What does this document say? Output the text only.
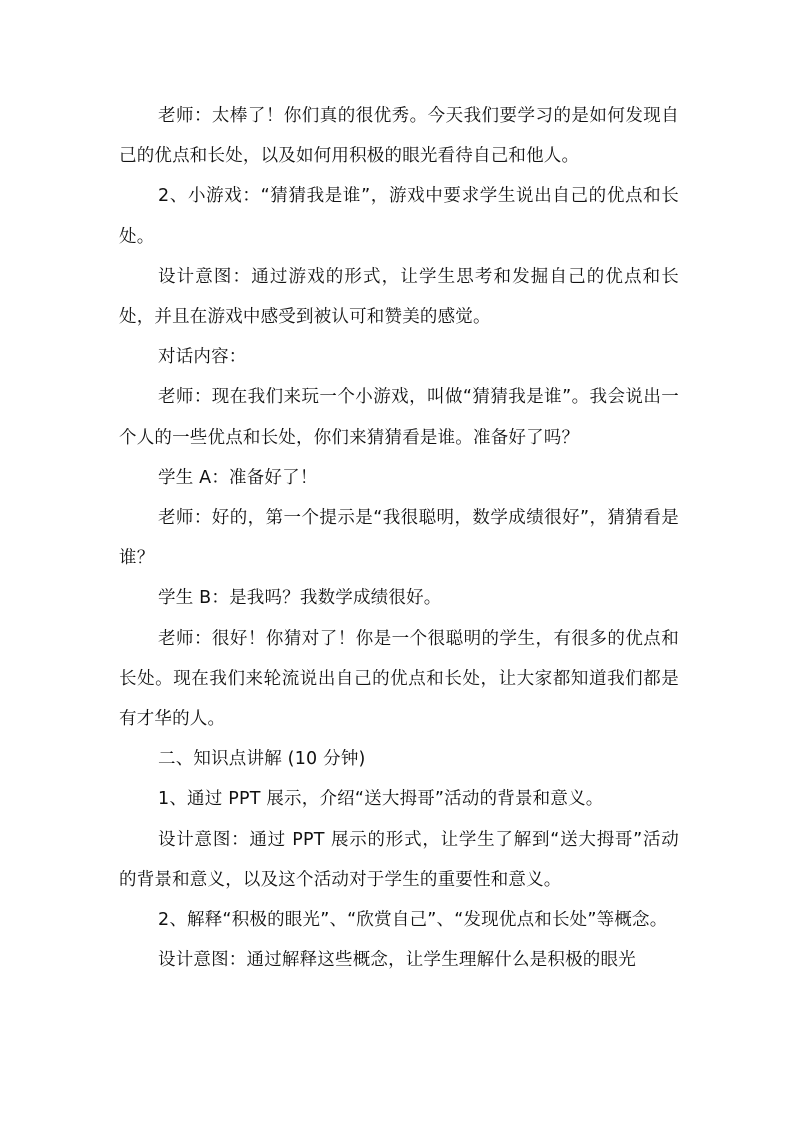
老师：太棒了！你们真的很优秀。今天我们要学习的是如何发现自己的优点和长处，以及如何用积极的眼光看待自己和他人。

2、小游戏：“猜猜我是谁”，游戏中要求学生说出自己的优点和长处。

设计意图：通过游戏的形式，让学生思考和发掘自己的优点和长处，并且在游戏中感受到被认可和赞美的感觉。

对话内容：

老师：现在我们来玩一个小游戏，叫做“猜猜我是谁”。我会说出一个人的一些优点和长处，你们来猜猜看是谁。准备好了吗？

学生 A：准备好了！

老师：好的，第一个提示是“我很聪明，数学成绩很好”，猜猜看是谁？

学生 B：是我吗？我数学成绩很好。

老师：很好！你猜对了！你是一个很聪明的学生，有很多的优点和长处。现在我们来轮流说出自己的优点和长处，让大家都知道我们都是有才华的人。

二、知识点讲解 (10 分钟)

1、通过 PPT 展示，介绍“送大拇哥”活动的背景和意义。

设计意图：通过 PPT 展示的形式，让学生了解到“送大拇哥”活动的背景和意义，以及这个活动对于学生的重要性和意义。

2、解释“积极的眼光”、“欣赏自己”、“发现优点和长处”等概念。

设计意图：通过解释这些概念，让学生理解什么是积极的眼光
